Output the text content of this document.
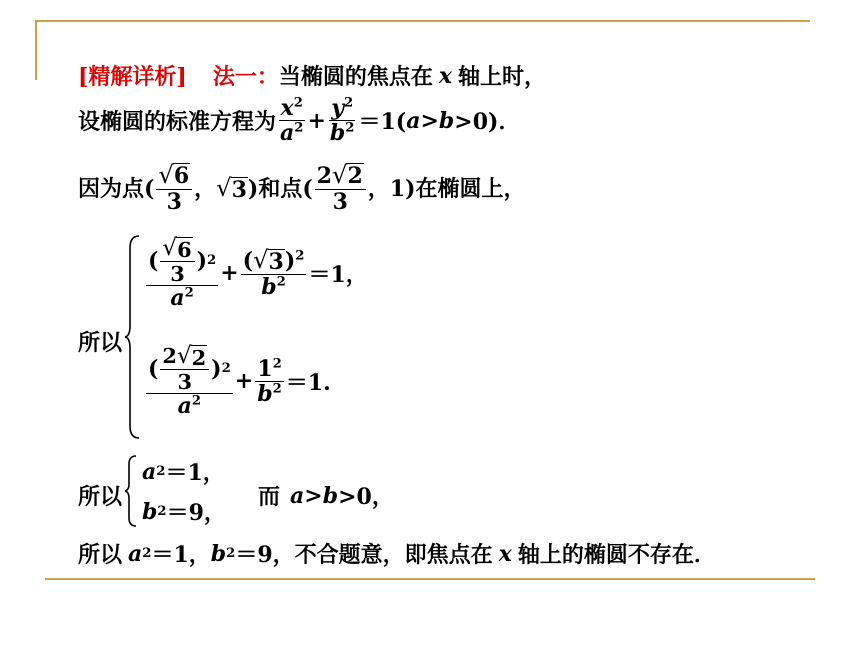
[精解详析] 法一： 当椭圆的焦点在 x 轴上时，
设椭圆的标准方程为 $\frac{x^2}{a^2} + \frac{y^2}{b^2} =1$( a > b >0)．
因为点( $\frac{√ 6}{3}$ ， √ 3 )和点( $\frac{2 √ 2}{3}$ ，1)在椭圆上，
所以
( $\frac{√ 6}{3}$ ) 2
$a^2$
+ $\frac{( √ 3 )^2}{b^2} =1$，
( $\frac{2 √ 2}{3}$ ) 2
$a^2$
+ $\frac{1^2}{b^2} =1$.
所以
a 2 ＝1，
b 2 ＝9，
而 a > b >0，
所以 a 2 ＝1， b 2 ＝9， 不合题意，即焦点在 x 轴上的椭圆不存在．
